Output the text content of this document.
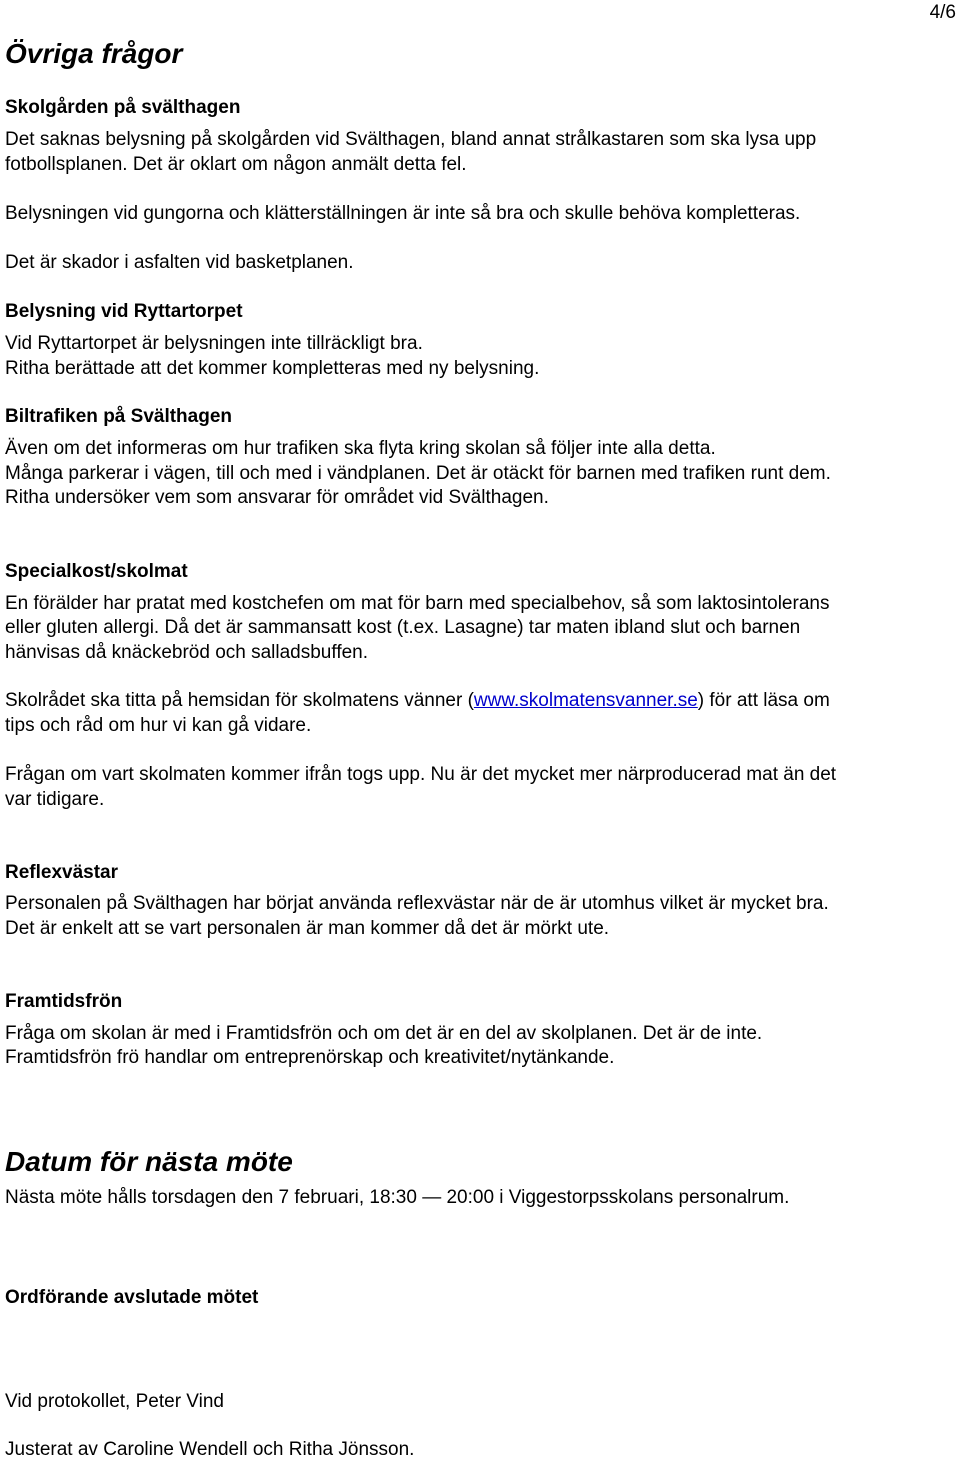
4/6
Övriga frågor
Skolgården på svälthagen
Det saknas belysning på skolgården vid Svälthagen, bland annat strålkastaren som ska lysa upp
fotbollsplanen. Det är oklart om någon anmält detta fel.
Belysningen vid gungorna och klätterställningen är inte så bra och skulle behöva kompletteras.
Det är skador i asfalten vid basketplanen.
Belysning vid Ryttartorpet
Vid Ryttartorpet är belysningen inte tillräckligt bra.
Ritha berättade att det kommer kompletteras med ny belysning.
Biltrafiken på Svälthagen
Även om det informeras om hur trafiken ska flyta kring skolan så följer inte alla detta.
Många parkerar i vägen, till och med i vändplanen. Det är otäckt för barnen med trafiken runt dem.
Ritha undersöker vem som ansvarar för området vid Svälthagen.
Specialkost/skolmat
En förälder har pratat med kostchefen om mat för barn med specialbehov, så som laktosintolerans
eller gluten allergi. Då det är sammansatt kost (t.ex. Lasagne) tar maten ibland slut och barnen
hänvisas då knäckebröd och salladsbuffen.
Skolrådet ska titta på hemsidan för skolmatens vänner (www.skolmatensvanner.se) för att läsa om
tips och råd om hur vi kan gå vidare.
Frågan om vart skolmaten kommer ifrån togs upp. Nu är det mycket mer närproducerad mat än det
var tidigare.
Reflexvästar
Personalen på Svälthagen har börjat använda reflexvästar när de är utomhus vilket är mycket bra.
Det är enkelt att se vart personalen är man kommer då det är mörkt ute.
Framtidsfrön
Fråga om skolan är med i Framtidsfrön och om det är en del av skolplanen. Det är de inte.
Framtidsfrön frö handlar om entreprenörskap och kreativitet/nytänkande.
Datum för nästa möte
Nästa möte hålls torsdagen den 7 februari, 18:30 — 20:00 i Viggestorpsskolans personalrum.
Ordförande avslutade mötet
Vid protokollet, Peter Vind
Justerat av Caroline Wendell och Ritha Jönsson.
